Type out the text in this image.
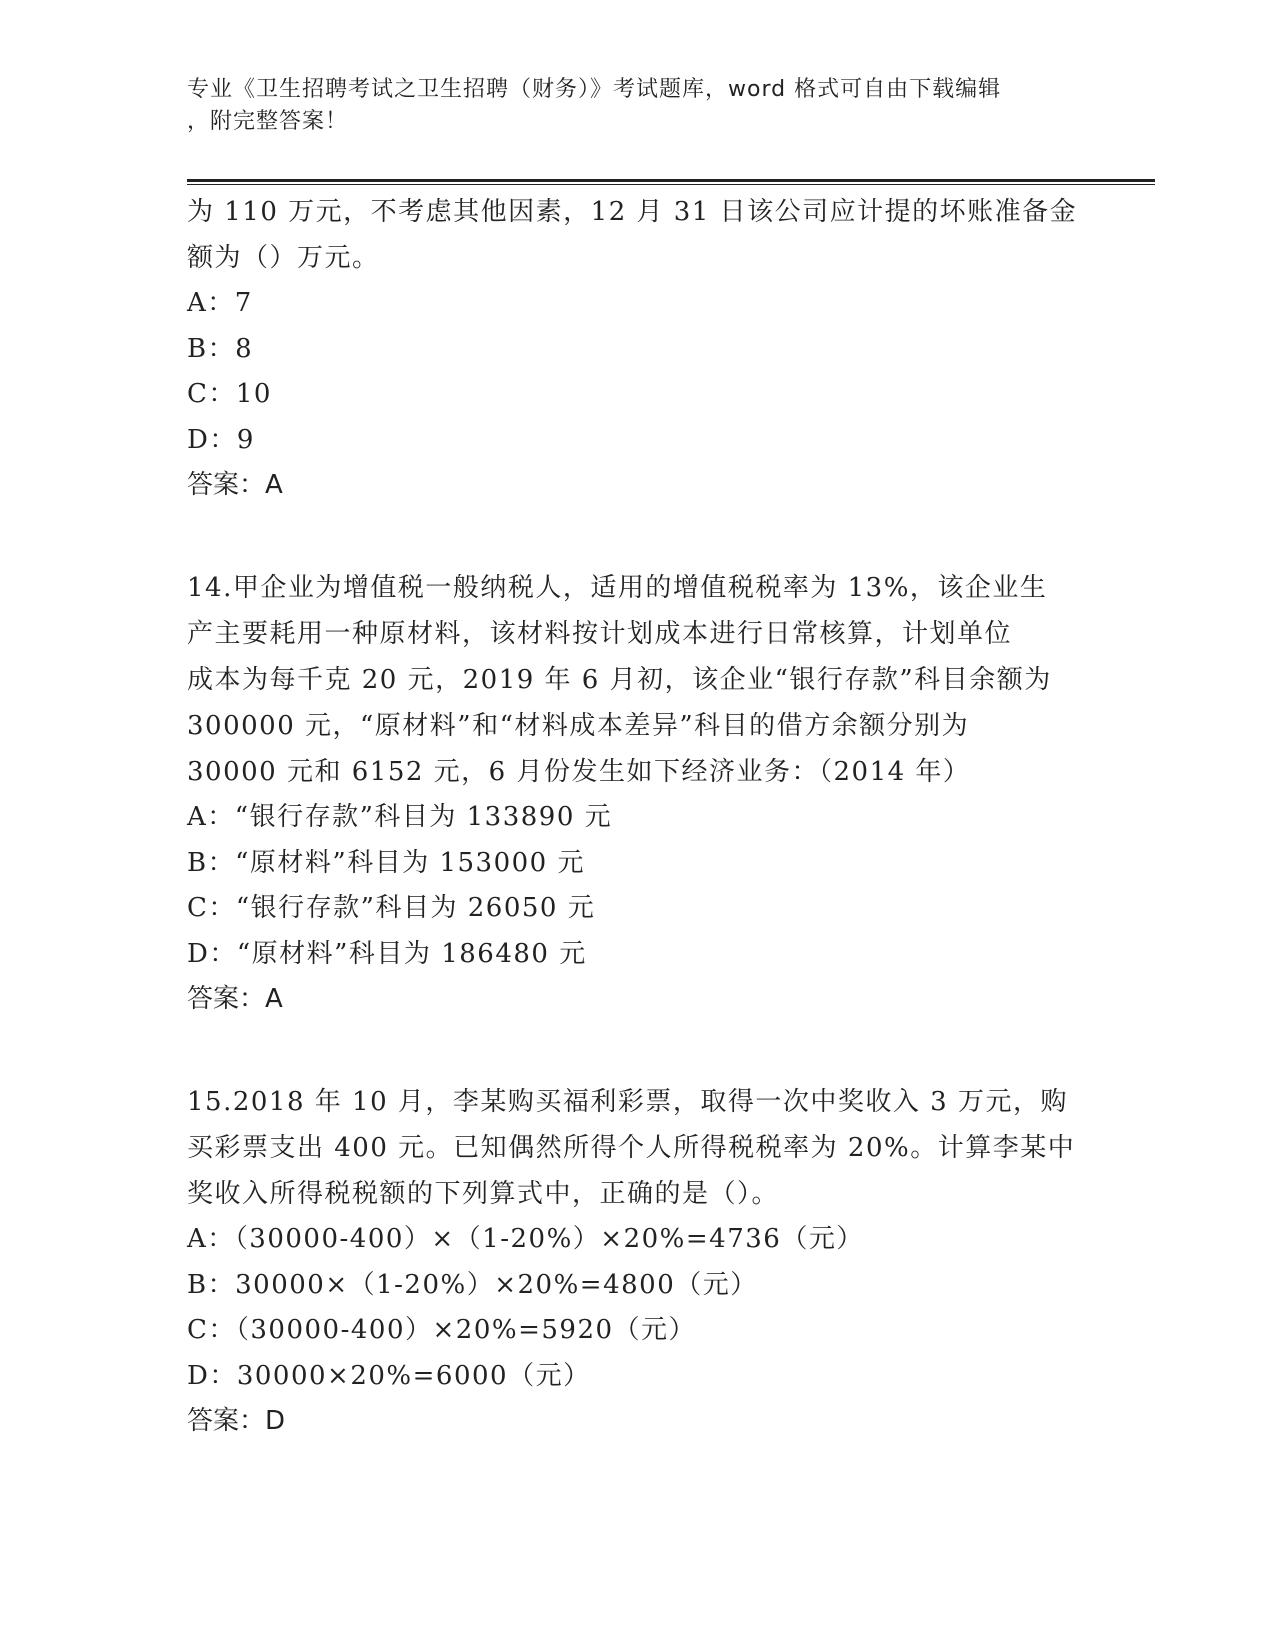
专业《卫生招聘考试之卫生招聘（财务）》考试题库，word 格式可自由下载编辑
，附完整答案！
为 110 万元，不考虑其他因素，12 月 31 日该公司应计提的坏账准备金
额为（）万元。
A：7
B：8
C：10
D：9
答案：A
14.甲企业为增值税一般纳税人，适用的增值税税率为 13%，该企业生
产主要耗用一种原材料，该材料按计划成本进行日常核算，计划单位
成本为每千克 20 元，2019 年 6 月初，该企业“银行存款”科目余额为
300000 元，“原材料”和“材料成本差异”科目的借方余额分别为
30000 元和 6152 元，6 月份发生如下经济业务：（2014 年）
A：“银行存款”科目为 133890 元
B：“原材料”科目为 153000 元
C：“银行存款”科目为 26050 元
D：“原材料”科目为 186480 元
答案：A
15.2018 年 10 月，李某购买福利彩票，取得一次中奖收入 3 万元，购
买彩票支出 400 元。已知偶然所得个人所得税税率为 20%。计算李某中
奖收入所得税税额的下列算式中，正确的是（）。
A：（30000-400）×（1-20%）×20%=4736（元）
B：30000×（1-20%）×20%=4800（元）
C：（30000-400）×20%=5920（元）
D：30000×20%=6000（元）
答案：D
